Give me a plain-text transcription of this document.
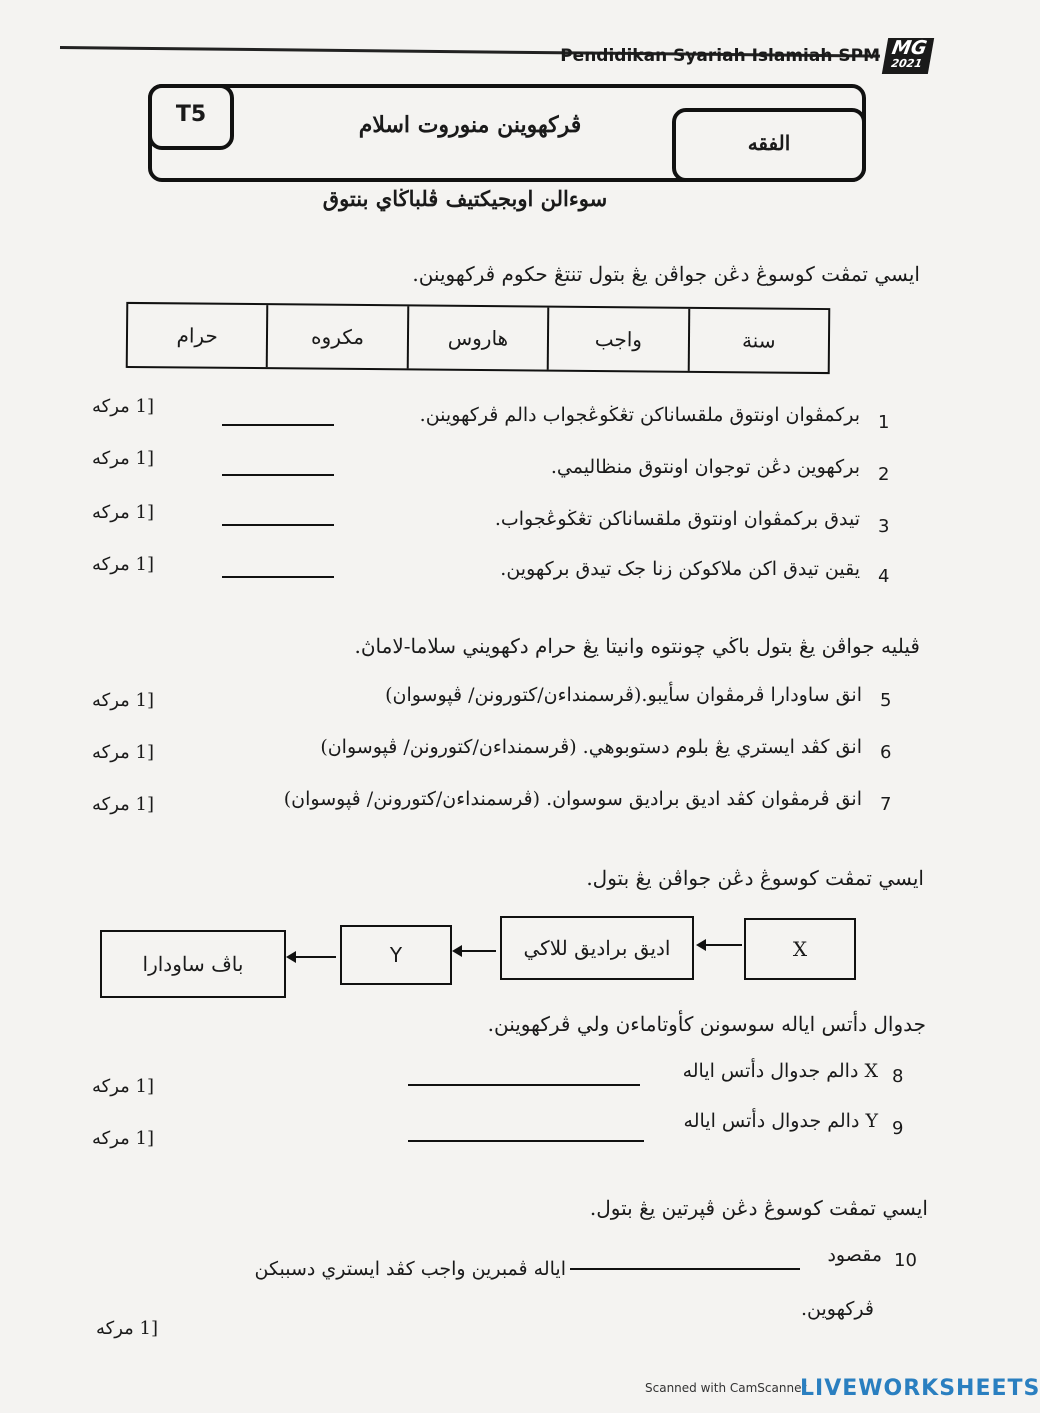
Pendidikan Syariah Islamiah SPM MG
2021
T5
الفقه
ڤركهوينن منوروت اسلام
سوءالن اوبجيكتيف ڤلباڬاي بنتوق
ايسي تمڤت كوسوڠ دڠن جواڤن يڠ بتول تنتڠ حكوم ڤركهوينن.
سنة
واجب
هاروس
مكروه
حرام
1
بركمڤوان اونتوق ملقساناكن تڠڬوڠجواب دالم ڤركهوينن.
[1 مركه
2
بركهوين دڠن توجوان اونتوق منظاليمي.
[1 مركه
3
تيدق بركمڤوان اونتوق ملقساناكن تڠڬوڠجواب.
[1 مركه
4
يقين تيدق اكن ملاكوكن زنا جک تيدق بركهوين.
[1 مركه
ڤيليه جواڤن يڠ بتول باڬي چونتوه وانيتا يڠ حرام دكهويني سلاما-لاماڽ.
5
انق ساودارا ڤرمڤوان سأيبو.(ڤرسمنداءن/كتورونن/ ڤپوسوان)
[1 مركه
6
انق كڤد ايستري يڠ بلوم دستوبوهي. (ڤرسمنداءن/كتورونن/ ڤپوسوان)
[1 مركه
7
انق ڤرمڤوان كڤد اديق براديق سوسوان. (ڤرسمنداءن/كتورونن/ ڤپوسوان)
[1 مركه
ايسي تمڤت كوسوڠ دڠن جواڤن يڠ بتول.
X
اديق براديق للاكي
Y
باڤ ساودارا
جدوال دأتس اياله سوسونن كأوتاماءن ولي ڤركهوينن.
8
X دالم جدوال دأتس اياله
[1 مركه
9
Y دالم جدوال دأتس اياله
[1 مركه
ايسي تمڤت كوسوڠ دڠن ڤڽرتين يڠ بتول.
10
مقصود
اياله ڤمبرين واجب كڤد ايستري دسببكن
ڤركهوين.
[1 مركه
Scanned with CamScanner
LIVEWORKSHEETS
